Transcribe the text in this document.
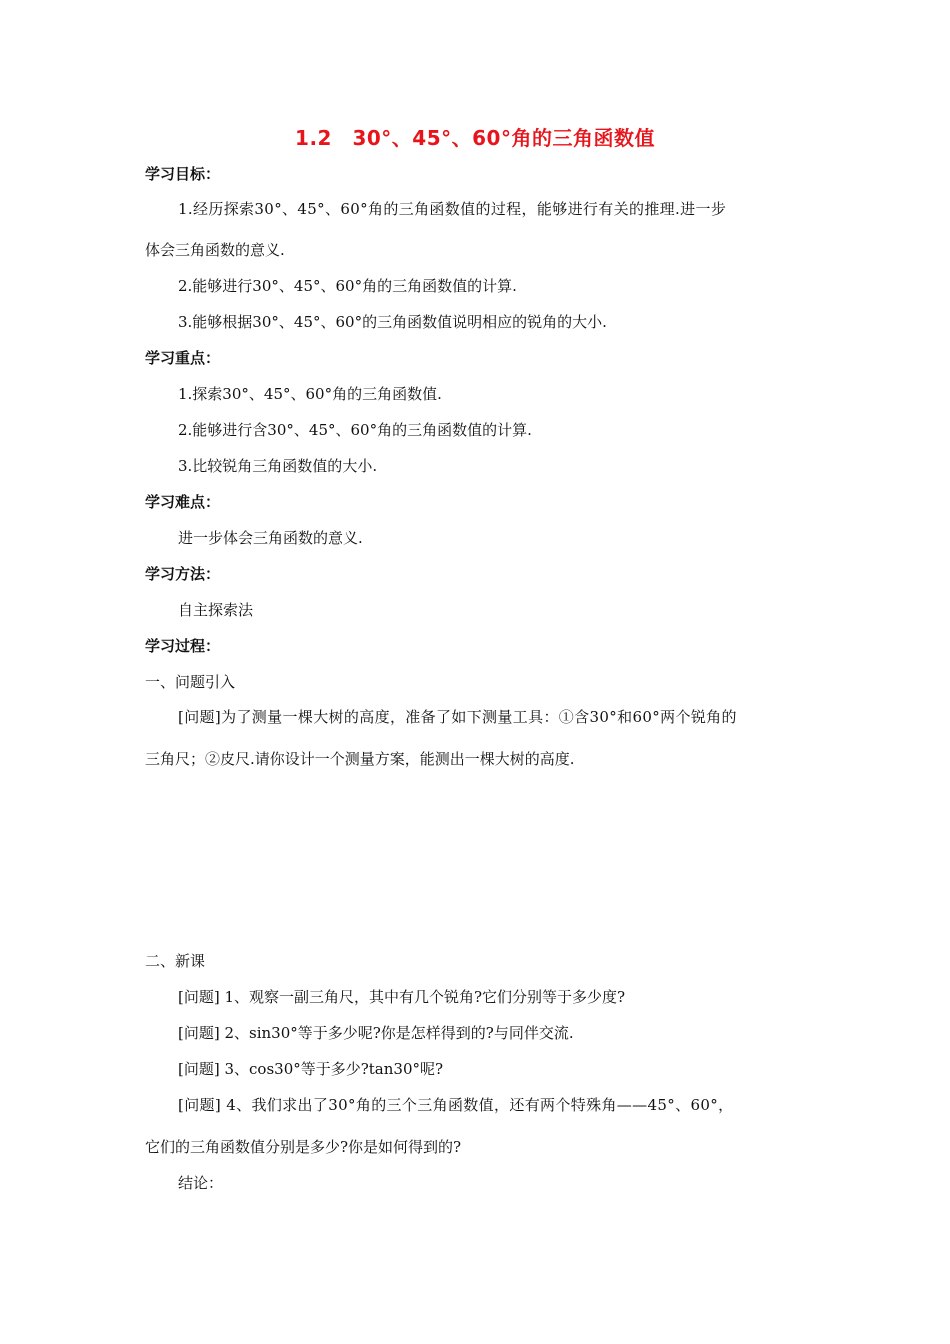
1.2　30°、45°、60°角的三角函数值
学习目标：
1.经历探索30°、45°、60°角的三角函数值的过程，能够进行有关的推理.进一步
体会三角函数的意义.
2.能够进行30°、45°、60°角的三角函数值的计算.
3.能够根据30°、45°、60°的三角函数值说明相应的锐角的大小.
学习重点：
1.探索30°、45°、60°角的三角函数值.
2.能够进行含30°、45°、60°角的三角函数值的计算.
3.比较锐角三角函数值的大小.
学习难点：
进一步体会三角函数的意义.
学习方法：
自主探索法
学习过程：
一、问题引入
[问题]为了测量一棵大树的高度，准备了如下测量工具：①含30°和60°两个锐角的
三角尺；②皮尺.请你设计一个测量方案，能测出一棵大树的高度.
二、新课
[问题] 1、观察一副三角尺，其中有几个锐角?它们分别等于多少度?
[问题] 2、sin30°等于多少呢?你是怎样得到的?与同伴交流.
[问题] 3、cos30°等于多少?tan30°呢?
[问题] 4、我们求出了30°角的三个三角函数值，还有两个特殊角——45°、60°，
它们的三角函数值分别是多少?你是如何得到的?
结论：
